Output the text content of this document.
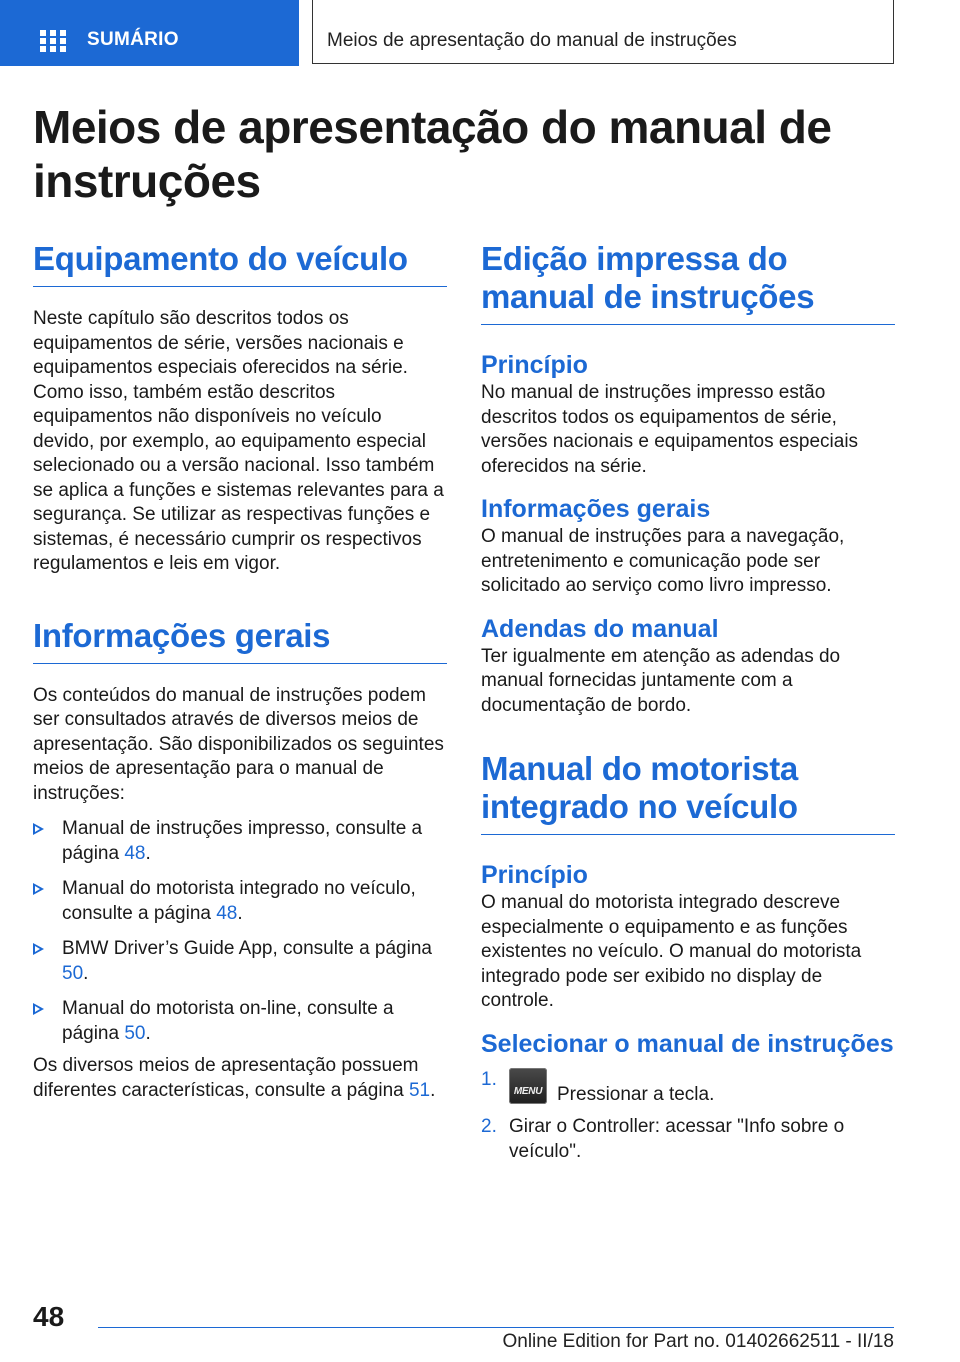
SUMÁRIO	Meios de apresentação do manual de instruções
Meios de apresentação do manual de instruções
Equipamento do veículo

Neste capítulo são descritos todos os equipamentos de série, versões nacionais e equipamentos especiais oferecidos na série. Como isso, também estão descritos equipamentos não disponíveis no veículo devido, por exemplo, ao equipamento especial selecionado ou a versão nacional. Isso também se aplica a funções e sistemas relevantes para a segurança. Se utilizar as respectivas funções e sistemas, é necessário cumprir os respectivos regulamentos e leis em vigor.

Informações gerais

Os conteúdos do manual de instruções podem ser consultados através de diversos meios de apresentação. São disponibilizados os seguintes meios de apresentação para o manual de instruções:

Manual de instruções impresso, consulte a página 48.
Manual do motorista integrado no veículo, consulte a página 48.
BMW Driver’s Guide App, consulte a página 50.
Manual do motorista on-line, consulte a página 50.

Os diversos meios de apresentação possuem diferentes características, consulte a página 51.

Edição impressa do manual de instruções
Princípio

No manual de instruções impresso estão descritos todos os equipamentos de série, versões nacionais e equipamentos especiais oferecidos na série.

Informações gerais

O manual de instruções para a navegação, entretenimento e comunicação pode ser solicitado ao serviço como livro impresso.

Adendas do manual

Ter igualmente em atenção as adendas do manual fornecidas juntamente com a documentação de bordo.

Manual do motorista integrado no veículo
Princípio

O manual do motorista integrado descreve especialmente o equipamento e as funções existentes no veículo. O manual do motorista integrado pode ser exibido no display de controle.

Selecionar o manual de instruções
1.
MENU Pressionar a tecla.
2. Girar o Controller: acessar "Info sobre o veículo".
48
Online Edition for Part no. 01402662511 - II/18
